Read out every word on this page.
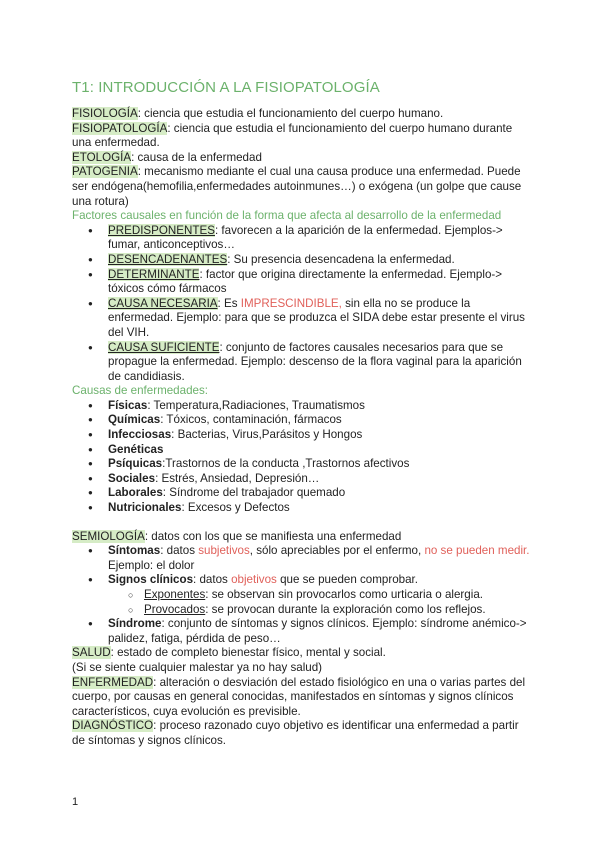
T1: INTRODUCCIÓN A LA FISIOPATOLOGÍA

FISIOLOGÍA: ciencia que estudia el funcionamiento del cuerpo humano.

FISIOPATOLOGÍA: ciencia que estudia el funcionamiento del cuerpo humano durante una enfermedad.

ETOLOGÍA: causa de la enfermedad

PATOGENIA: mecanismo mediante el cual una causa produce una enfermedad. Puede ser endógena(hemofilia,enfermedades autoinmunes…) o exógena (un golpe que cause una rotura)

Factores causales en función de la forma que afecta al desarrollo de la enfermedad

● PREDISPONENTES: favorecen a la aparición de la enfermedad. Ejemplos-> fumar, anticonceptivos…
● DESENCADENANTES: Su presencia desencadena la enfermedad.
● DETERMINANTE: factor que origina directamente la enfermedad. Ejemplo-> tóxicos cómo fármacos
● CAUSA NECESARIA: Es IMPRESCINDIBLE, sin ella no se produce la enfermedad. Ejemplo: para que se produzca el SIDA debe estar presente el virus del VIH.
● CAUSA SUFICIENTE: conjunto de factores causales necesarios para que se propague la enfermedad. Ejemplo: descenso de la flora vaginal para la aparición de candidiasis.

Causas de enfermedades:

● Físicas: Temperatura,Radiaciones, Traumatismos
● Químicas: Tóxicos, contaminación, fármacos
● Infecciosas: Bacterias, Virus,Parásitos y Hongos
● Genéticas
● Psíquicas:Trastornos de la conducta ,Trastornos afectivos
● Sociales: Estrés, Ansiedad, Depresión…
● Laborales: Síndrome del trabajador quemado
● Nutricionales: Excesos y Defectos

SEMIOLOGÍA: datos con los que se manifiesta una enfermedad

● Síntomas: datos subjetivos, sólo apreciables por el enfermo, no se pueden medir. Ejemplo: el dolor
● Signos clínicos: datos objetivos que se pueden comprobar.
○ Exponentes: se observan sin provocarlos como urticaria o alergia.
○ Provocados: se provocan durante la exploración como los reflejos.
● Síndrome: conjunto de síntomas y signos clínicos. Ejemplo: síndrome anémico-> palidez, fatiga, pérdida de peso…

SALUD: estado de completo bienestar físico, mental y social.

(Si se siente cualquier malestar ya no hay salud)

ENFERMEDAD: alteración o desviación del estado fisiológico en una o varias partes del cuerpo, por causas en general conocidas, manifestados en síntomas y signos clínicos característicos, cuya evolución es previsible.

DIAGNÓSTICO: proceso razonado cuyo objetivo es identificar una enfermedad a partir de síntomas y signos clínicos.

1
